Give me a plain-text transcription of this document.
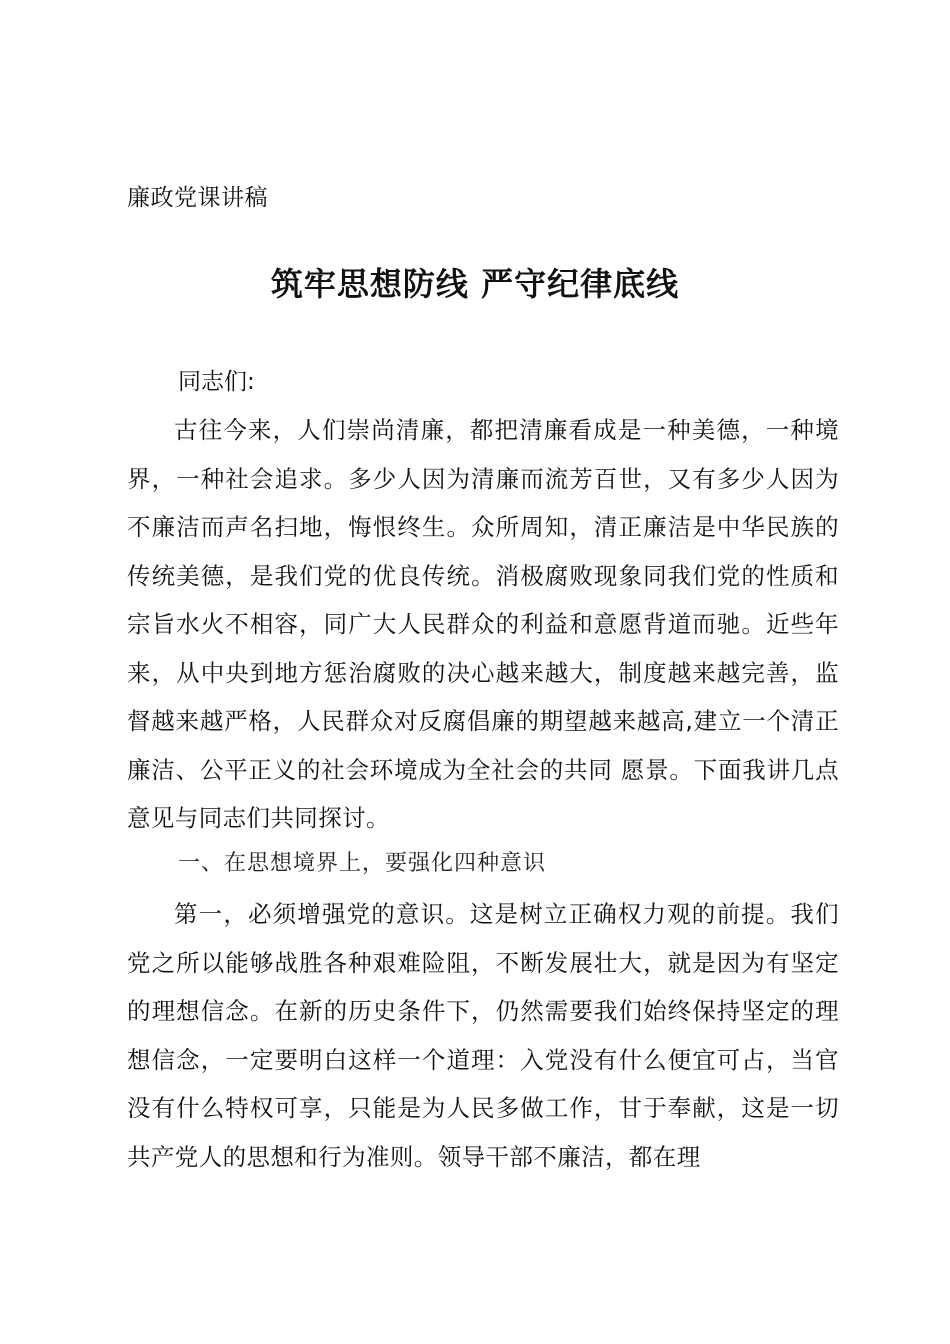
廉政党课讲稿
筑牢思想防线 严守纪律底线
同志们:

古往今来，人们崇尚清廉，都把清廉看成是一种美德，一种境界，一种社会追求。多少人因为清廉而流芳百世，又有多少人因为不廉洁而声名扫地，悔恨终生。众所周知，清正廉洁是中华民族的传统美德，是我们党的优良传统。消极腐败现象同我们党的性质和宗旨水火不相容，同广大人民群众的利益和意愿背道而驰。近些年来，从中央到地方惩治腐败的决心越来越大，制度越来越完善，监督越来越严格，人民群众对反腐倡廉的期望越来越高,建立一个清正廉洁、公平正义的社会环境成为全社会的共同 愿景。下面我讲几点意见与同志们共同探讨。

一、在思想境界上，要强化四种意识

第一，必须增强党的意识。这是树立正确权力观的前提。我们党之所以能够战胜各种艰难险阻，不断发展壮大，就是因为有坚定的理想信念。在新的历史条件下，仍然需要我们始终保持坚定的理想信念，一定要明白这样一个道理：入党没有什么便宜可占，当官没有什么特权可享，只能是为人民多做工作，甘于奉献，这是一切共产党人的思想和行为准则。领导干部不廉洁，都在理
